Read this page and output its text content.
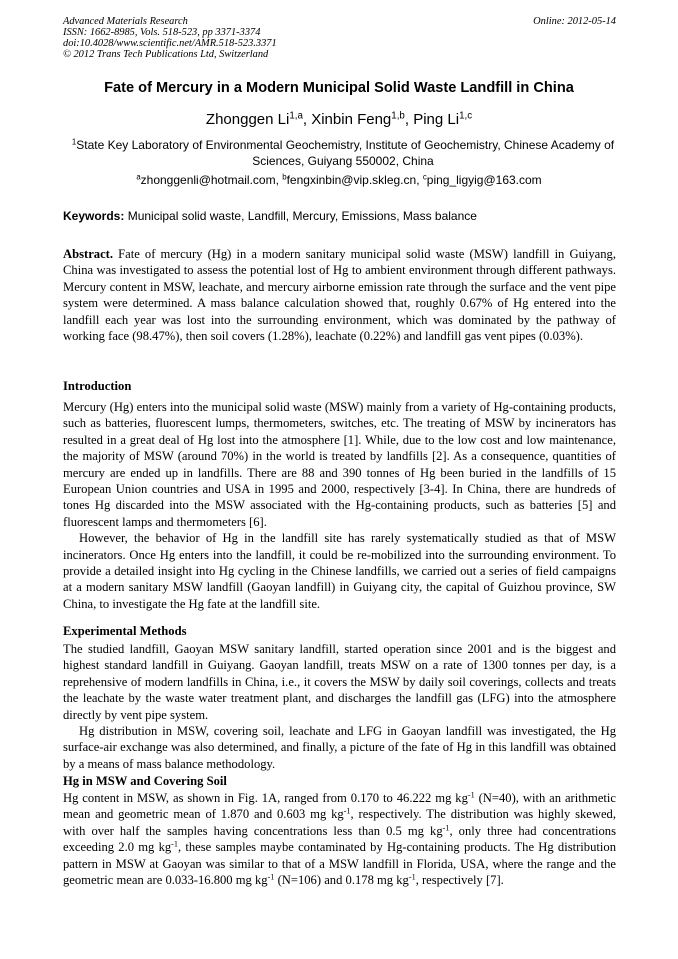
Advanced Materials Research
ISSN: 1662-8985, Vols. 518-523, pp 3371-3374
doi:10.4028/www.scientific.net/AMR.518-523.3371
© 2012 Trans Tech Publications Ltd, Switzerland
Online: 2012-05-14
Fate of Mercury in a Modern Municipal Solid Waste Landfill in China
Zhonggen Li$^{1,a}$, Xinbin Feng$^{1,b}$, Ping Li$^{1,c}$
$^1$State Key Laboratory of Environmental Geochemistry, Institute of Geochemistry, Chinese Academy of Sciences, Guiyang 550002, China
$^a$zhonggenli@hotmail.com, $^b$fengxinbin@vip.skleg.cn, $^c$ping_ligyig@163.com
Keywords: Municipal solid waste, Landfill, Mercury, Emissions, Mass balance

Abstract. Fate of mercury (Hg) in a modern sanitary municipal solid waste (MSW) landfill in Guiyang, China was investigated to assess the potential lost of Hg to ambient environment through different pathways. Mercury content in MSW, leachate, and mercury airborne emission rate through the surface and the vent pipe system were determined. A mass balance calculation showed that, roughly 0.67% of Hg entered into the landfill each year was lost into the surrounding environment, which was dominated by the pathway of working face (98.47%), then soil covers (1.28%), leachate (0.22%) and landfill gas vent pipes (0.03%).

Introduction

Mercury (Hg) enters into the municipal solid waste (MSW) mainly from a variety of Hg-containing products, such as batteries, fluorescent lumps, thermometers, switches, etc. The treating of MSW by incinerators has resulted in a great deal of Hg lost into the atmosphere [1]. While, due to the low cost and low maintenance, the majority of MSW (around 70%) in the world is treated by landfills [2]. As a consequence, quantities of mercury are ended up in landfills. There are 88 and 390 tonnes of Hg been buried in the landfills of 15 European Union countries and USA in 1995 and 2000, respectively [3-4]. In China, there are hundreds of tones Hg discarded into the MSW associated with the Hg-containing products, such as batteries [5] and fluorescent lamps and thermometers [6].

However, the behavior of Hg in the landfill site has rarely systematically studied as that of MSW incinerators. Once Hg enters into the landfill, it could be re-mobilized into the surrounding environment. To provide a detailed insight into Hg cycling in the Chinese landfills, we carried out a series of field campaigns at a modern sanitary MSW landfill (Gaoyan landfill) in Guiyang city, the capital of Guizhou province, SW China, to investigate the Hg fate at the landfill site.

Experimental Methods

The studied landfill, Gaoyan MSW sanitary landfill, started operation since 2001 and is the biggest and highest standard landfill in Guiyang. Gaoyan landfill, treats MSW on a rate of 1300 tonnes per day, is a reprehensive of modern landfills in China, i.e., it covers the MSW by daily soil coverings, collects and treats the leachate by the waste water treatment plant, and discharges the landfill gas (LFG) into the atmosphere directly by vent pipe system.

Hg distribution in MSW, covering soil, leachate and LFG in Gaoyan landfill was investigated, the Hg surface-air exchange was also determined, and finally, a picture of the fate of Hg in this landfill was obtained by a means of mass balance methodology.

Hg in MSW and Covering Soil

Hg content in MSW, as shown in Fig. 1A, ranged from 0.170 to 46.222 mg $kg^{-1}$ (N=40), with an arithmetic mean and geometric mean of 1.870 and 0.603 mg $kg^{-1}$, respectively. The distribution was highly skewed, with over half the samples having concentrations less than 0.5 mg $kg^{-1}$, only three had concentrations exceeding 2.0 mg $kg^{-1}$, these samples maybe contaminated by Hg-containing products. The Hg distribution pattern in MSW at Gaoyan was similar to that of a MSW landfill in Florida, USA, where the range and the geometric mean are 0.033-16.800 mg $kg^{-1}$ (N=106) and 0.178 mg $kg^{-1}$, respectively [7].
